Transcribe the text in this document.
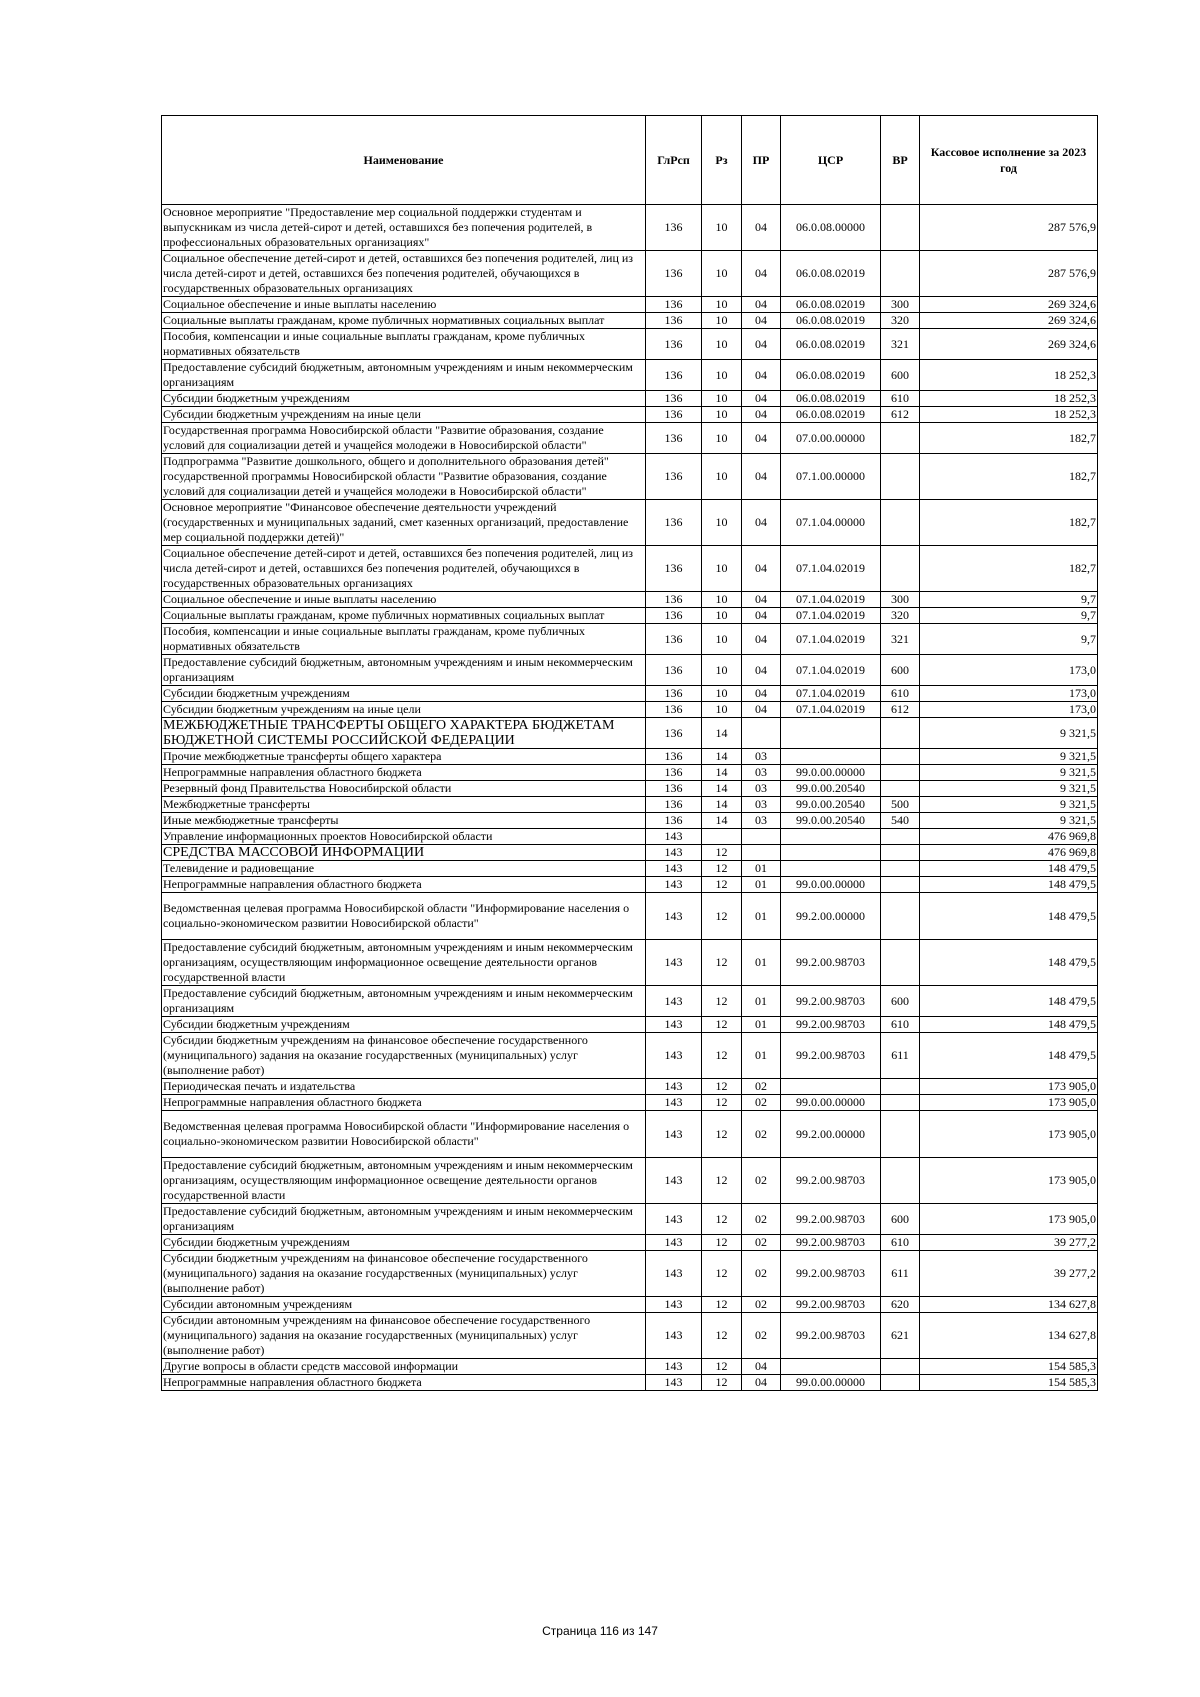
Наименование	ГлРсп	Рз	ПР	ЦСР	ВР	Кассовое исполнение за 2023 год
Основное мероприятие "Предоставление мер социальной поддержки студентам и выпускникам из числа детей-сирот и детей, оставшихся без попечения родителей, в профессиональных образовательных организациях"	136	10	04	06.0.08.00000		287 576,9
Социальное обеспечение детей-сирот и детей, оставшихся без попечения родителей, лиц из числа детей-сирот и детей, оставшихся без попечения родителей, обучающихся в государственных образовательных организациях	136	10	04	06.0.08.02019		287 576,9
Социальное обеспечение и иные выплаты населению	136	10	04	06.0.08.02019	300	269 324,6
Социальные выплаты гражданам, кроме публичных нормативных социальных выплат	136	10	04	06.0.08.02019	320	269 324,6
Пособия, компенсации и иные социальные выплаты гражданам, кроме публичных нормативных обязательств	136	10	04	06.0.08.02019	321	269 324,6
Предоставление субсидий бюджетным, автономным учреждениям и иным некоммерческим организациям	136	10	04	06.0.08.02019	600	18 252,3
Субсидии бюджетным учреждениям	136	10	04	06.0.08.02019	610	18 252,3
Субсидии бюджетным учреждениям на иные цели	136	10	04	06.0.08.02019	612	18 252,3
Государственная программа Новосибирской области "Развитие образования, создание условий для социализации детей и учащейся молодежи в Новосибирской области"	136	10	04	07.0.00.00000		182,7
Подпрограмма "Развитие дошкольного, общего и дополнительного образования детей" государственной программы Новосибирской области "Развитие образования, создание условий для социализации детей и учащейся молодежи в Новосибирской области"	136	10	04	07.1.00.00000		182,7
Основное мероприятие "Финансовое обеспечение деятельности учреждений (государственных и муниципальных заданий, смет казенных организаций, предоставление мер социальной поддержки детей)"	136	10	04	07.1.04.00000		182,7
Социальное обеспечение детей-сирот и детей, оставшихся без попечения родителей, лиц из числа детей-сирот и детей, оставшихся без попечения родителей, обучающихся в государственных образовательных организациях	136	10	04	07.1.04.02019		182,7
Социальное обеспечение и иные выплаты населению	136	10	04	07.1.04.02019	300	9,7
Социальные выплаты гражданам, кроме публичных нормативных социальных выплат	136	10	04	07.1.04.02019	320	9,7
Пособия, компенсации и иные социальные выплаты гражданам, кроме публичных нормативных обязательств	136	10	04	07.1.04.02019	321	9,7
Предоставление субсидий бюджетным, автономным учреждениям и иным некоммерческим организациям	136	10	04	07.1.04.02019	600	173,0
Субсидии бюджетным учреждениям	136	10	04	07.1.04.02019	610	173,0
Субсидии бюджетным учреждениям на иные цели	136	10	04	07.1.04.02019	612	173,0
МЕЖБЮДЖЕТНЫЕ ТРАНСФЕРТЫ ОБЩЕГО ХАРАКТЕРА БЮДЖЕТАМ БЮДЖЕТНОЙ СИСТЕМЫ РОССИЙСКОЙ ФЕДЕРАЦИИ	136	14				9 321,5
Прочие межбюджетные трансферты общего характера	136	14	03			9 321,5
Непрограммные направления областного бюджета	136	14	03	99.0.00.00000		9 321,5
Резервный фонд Правительства Новосибирской области	136	14	03	99.0.00.20540		9 321,5
Межбюджетные трансферты	136	14	03	99.0.00.20540	500	9 321,5
Иные межбюджетные трансферты	136	14	03	99.0.00.20540	540	9 321,5
Управление информационных проектов Новосибирской области	143					476 969,8
СРЕДСТВА МАССОВОЙ ИНФОРМАЦИИ	143	12				476 969,8
Телевидение и радиовещание	143	12	01			148 479,5
Непрограммные направления областного бюджета	143	12	01	99.0.00.00000		148 479,5
Ведомственная целевая программа Новосибирской области "Информирование населения о социально-экономическом развитии Новосибирской области"	143	12	01	99.2.00.00000		148 479,5
Предоставление субсидий бюджетным, автономным учреждениям и иным некоммерческим организациям, осуществляющим информационное освещение деятельности органов государственной власти	143	12	01	99.2.00.98703		148 479,5
Предоставление субсидий бюджетным, автономным учреждениям и иным некоммерческим организациям	143	12	01	99.2.00.98703	600	148 479,5
Субсидии бюджетным учреждениям	143	12	01	99.2.00.98703	610	148 479,5
Субсидии бюджетным учреждениям на финансовое обеспечение государственного (муниципального) задания на оказание государственных (муниципальных) услуг (выполнение работ)	143	12	01	99.2.00.98703	611	148 479,5
Периодическая печать и издательства	143	12	02			173 905,0
Непрограммные направления областного бюджета	143	12	02	99.0.00.00000		173 905,0
Ведомственная целевая программа Новосибирской области "Информирование населения о социально-экономическом развитии Новосибирской области"	143	12	02	99.2.00.00000		173 905,0
Предоставление субсидий бюджетным, автономным учреждениям и иным некоммерческим организациям, осуществляющим информационное освещение деятельности органов государственной власти	143	12	02	99.2.00.98703		173 905,0
Предоставление субсидий бюджетным, автономным учреждениям и иным некоммерческим организациям	143	12	02	99.2.00.98703	600	173 905,0
Субсидии бюджетным учреждениям	143	12	02	99.2.00.98703	610	39 277,2
Субсидии бюджетным учреждениям на финансовое обеспечение государственного (муниципального) задания на оказание государственных (муниципальных) услуг (выполнение работ)	143	12	02	99.2.00.98703	611	39 277,2
Субсидии автономным учреждениям	143	12	02	99.2.00.98703	620	134 627,8
Субсидии автономным учреждениям на финансовое обеспечение государственного (муниципального) задания на оказание государственных (муниципальных) услуг (выполнение работ)	143	12	02	99.2.00.98703	621	134 627,8
Другие вопросы в области средств массовой информации	143	12	04			154 585,3
Непрограммные направления областного бюджета	143	12	04	99.0.00.00000		154 585,3
Страница 116 из 147
